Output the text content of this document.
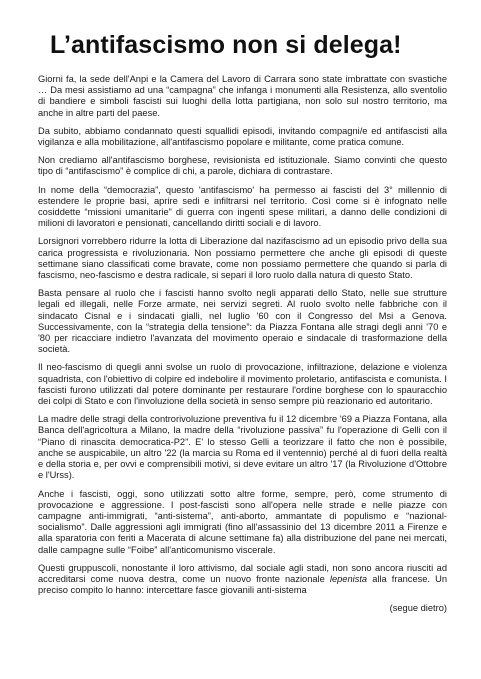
L’antifascismo non si delega!

Giorni fa, la sede dell'Anpi e la Camera del Lavoro di Carrara sono state imbrattate con svastiche … Da mesi assistiamo ad una “campagna” che infanga i monumenti alla Resistenza, allo sventolio di bandiere e simboli fascisti sui luoghi della lotta partigiana, non solo sul nostro territorio, ma anche in altre parti del paese.

Da subito, abbiamo condannato questi squallidi episodi, invitando compagni/e ed antifascisti alla vigilanza e alla mobilitazione, all'antifascismo popolare e militante, come pratica comune.

Non crediamo all'antifascismo borghese, revisionista ed istituzionale. Siamo convinti che questo tipo di “antifascismo” è complice di chi, a parole, dichiara di contrastare.

In nome della “democrazia”, questo 'antifascismo' ha permesso ai fascisti del 3° millennio di estendere le proprie basi, aprire sedi e infiltrarsi nel territorio. Così come si è infognato nelle cosiddette “missioni umanitarie” di guerra con ingenti spese militari, a danno delle condizioni di milioni di lavoratori e pensionati, cancellando diritti sociali e di lavoro.

Lorsignori vorrebbero ridurre la lotta di Liberazione dal nazifascismo ad un episodio privo della sua carica progressista e rivoluzionaria. Non possiamo permettere che anche gli episodi di queste settimane siano classificati come bravate, come non possiamo permettere che quando si parla di fascismo, neo-fascismo e destra radicale, si separi il loro ruolo dalla natura di questo Stato.

Basta pensare al ruolo che i fascisti hanno svolto negli apparati dello Stato, nelle sue strutture legali ed illegali, nelle Forze armate, nei servizi segreti. Al ruolo svolto nelle fabbriche con il sindacato Cisnal e i sindacati gialli, nel luglio '60 con il Congresso del Msi a Genova. Successivamente, con la “strategia della tensione”: da Piazza Fontana alle stragi degli anni '70 e '80 per ricacciare indietro l'avanzata del movimento operaio e sindacale di trasformazione della società.

Il neo-fascismo di quegli anni svolse un ruolo di provocazione, infiltrazione, delazione e violenza squadrista, con l'obiettivo di colpire ed indebolire il movimento proletario, antifascista e comunista. I fascisti furono utilizzati dal potere dominante per restaurare l'ordine borghese con lo spauracchio dei colpi di Stato e con l'involuzione della società in senso sempre più reazionario ed autoritario.

La madre delle stragi della controrivoluzione preventiva fu il 12 dicembre '69 a Piazza Fontana, alla Banca dell'agricoltura a Milano, la madre della “rivoluzione passiva” fu l'operazione di Gelli con il “Piano di rinascita democratica-P2”. E' lo stesso Gelli a teorizzare il fatto che non è possibile, anche se auspicabile, un altro '22 (la marcia su Roma ed il ventennio) perché al di fuori della realtà e della storia e, per ovvi e comprensibili motivi, si deve evitare un altro '17 (la Rivoluzione d'Ottobre e l'Urss).

Anche i fascisti, oggi, sono utilizzati sotto altre forme, sempre, però, come strumento di provocazione e aggressione. I post-fascisti sono all'opera nelle strade e nelle piazze con campagne anti-immigrati, “anti-sistema”, anti-aborto, ammantate di populismo e “nazional-socialismo”. Dalle aggressioni agli immigrati (fino all'assassinio del 13 dicembre 2011 a Firenze e alla sparatoria con feriti a Macerata di alcune settimane fa) alla distribuzione del pane nei mercati, dalle campagne sulle “Foibe” all'anticomunismo viscerale.

Questi gruppuscoli, nonostante il loro attivismo, dal sociale agli stadi, non sono ancora riusciti ad accreditarsi come nuova destra, come un nuovo fronte nazionale lepenista alla francese. Un preciso compito lo hanno: intercettare fasce giovanili anti-sistema

(segue dietro)
